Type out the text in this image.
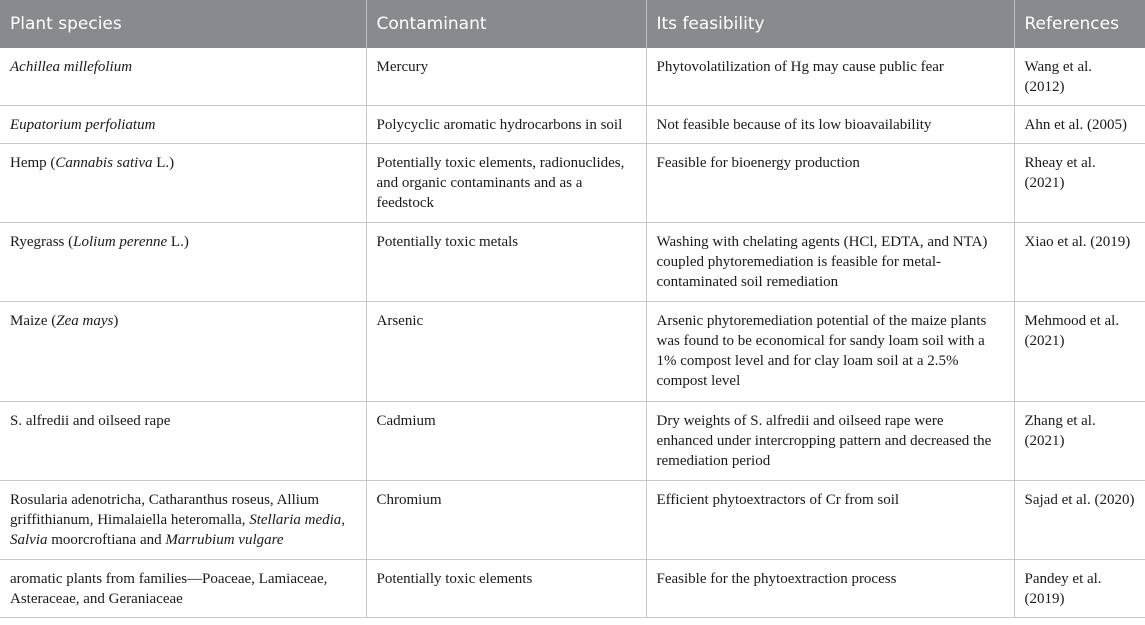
Plant species	Contaminant	Its feasibility	References
Achillea millefolium	Mercury	Phytovolatilization of Hg may cause public fear	Wang et al. (2012)
Eupatorium perfoliatum	Polycyclic aromatic hydrocarbons in soil	Not feasible because of its low bioavailability	Ahn et al. (2005)
Hemp (Cannabis sativa L.)	Potentially toxic elements, radionuclides, and organic contaminants and as a feedstock	Feasible for bioenergy production	Rheay et al. (2021)
Ryegrass (Lolium perenne L.)	Potentially toxic metals	Washing with chelating agents (HCl, EDTA, and NTA) coupled phytoremediation is feasible for metal-contaminated soil remediation	Xiao et al. (2019)
Maize (Zea mays)	Arsenic	Arsenic phytoremediation potential of the maize plants was found to be economical for sandy loam soil with a 1% compost level and for clay loam soil at a 2.5% compost level	Mehmood et al. (2021)
S. alfredii and oilseed rape	Cadmium	Dry weights of S. alfredii and oilseed rape were enhanced under intercropping pattern and decreased the remediation period	Zhang et al. (2021)
Rosularia adenotricha, Catharanthus roseus, Allium griffithianum, Himalaiella heteromalla, Stellaria media, Salvia moorcroftiana and Marrubium vulgare	Chromium	Efficient phytoextractors of Cr from soil	Sajad et al. (2020)
aromatic plants from families—Poaceae, Lamiaceae, Asteraceae, and Geraniaceae	Potentially toxic elements	Feasible for the phytoextraction process	Pandey et al. (2019)
